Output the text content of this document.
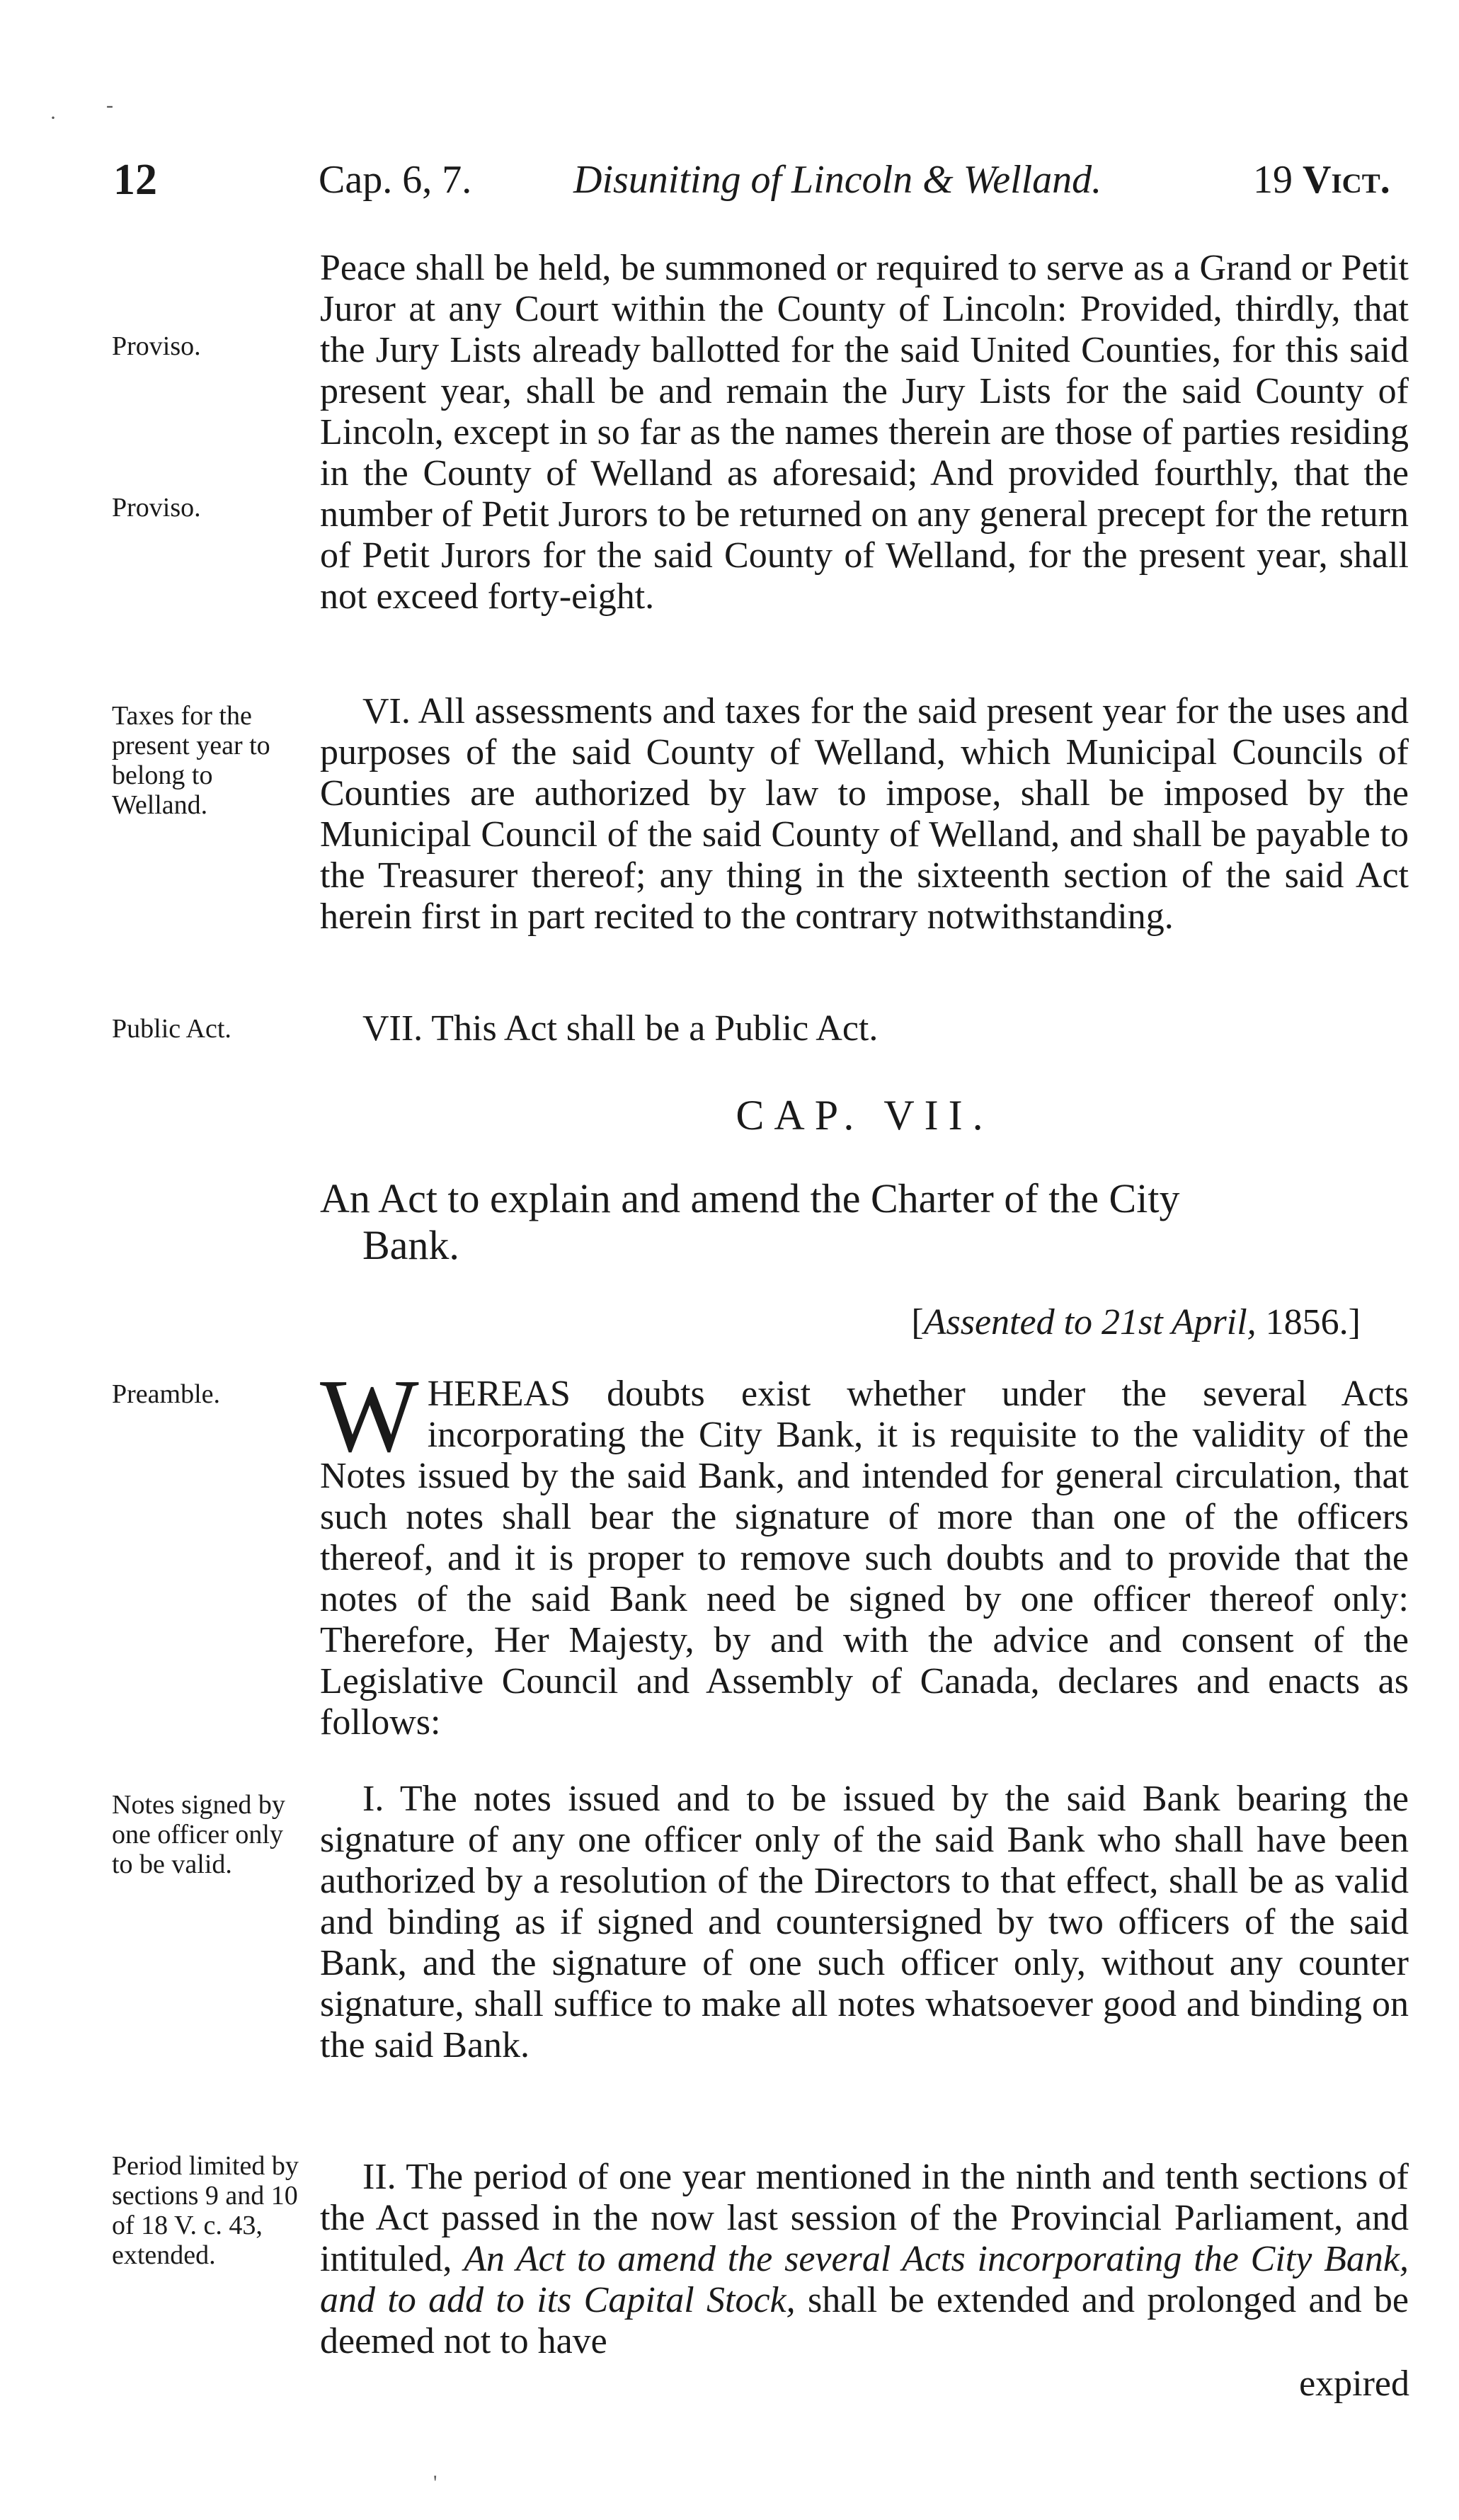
12	Cap. 6, 7.	Disuniting of Lincoln & Welland.	19 Vict.
Proviso.
Proviso.
Taxes for the present year to belong to Welland.
Public Act.
Preamble.
Notes signed by one officer only to be valid.
Period limited by sections 9 and 10 of 18 V. c. 43, extended.

Peace shall be held, be summoned or required to serve as a Grand or Petit Juror at any Court within the County of Lincoln: Provided, thirdly, that the Jury Lists already ballotted for the said United Counties, for this said present year, shall be and remain the Jury Lists for the said County of Lincoln, except in so far as the names therein are those of parties residing in the County of Welland as aforesaid; And provided fourthly, that the number of Petit Jurors to be returned on any general precept for the return of Petit Jurors for the said County of Welland, for the present year, shall not exceed forty-eight.

VI. All assessments and taxes for the said present year for the uses and purposes of the said County of Welland, which Municipal Councils of Counties are authorized by law to impose, shall be imposed by the Municipal Council of the said County of Welland, and shall be payable to the Treasurer thereof; any thing in the sixteenth section of the said Act herein first in part recited to the contrary notwithstanding.

VII. This Act shall be a Public Act.

CAP. VII.
An Act to explain and amend the Charter of the City
Bank.
[Assented to 21st April, 1856.]

WHEREAS doubts exist whether under the several Acts incorporating the City Bank, it is requisite to the validity of the Notes issued by the said Bank, and intended for general circulation, that such notes shall bear the signature of more than one of the officers thereof, and it is proper to remove such doubts and to provide that the notes of the said Bank need be signed by one officer thereof only: Therefore, Her Majesty, by and with the advice and consent of the Legislative Council and Assembly of Canada, declares and enacts as follows:

I. The notes issued and to be issued by the said Bank bearing the signature of any one officer only of the said Bank who shall have been authorized by a resolution of the Directors to that effect, shall be as valid and binding as if signed and countersigned by two officers of the said Bank, and the signature of one such officer only, without any counter signature, shall suffice to make all notes whatsoever good and binding on the said Bank.

II. The period of one year mentioned in the ninth and tenth sections of the Act passed in the now last session of the Provincial Parliament, and intituled, An Act to amend the several Acts incorporating the City Bank, and to add to its Capital Stock, shall be extended and prolonged and be deemed not to have

expired
·
-
'
